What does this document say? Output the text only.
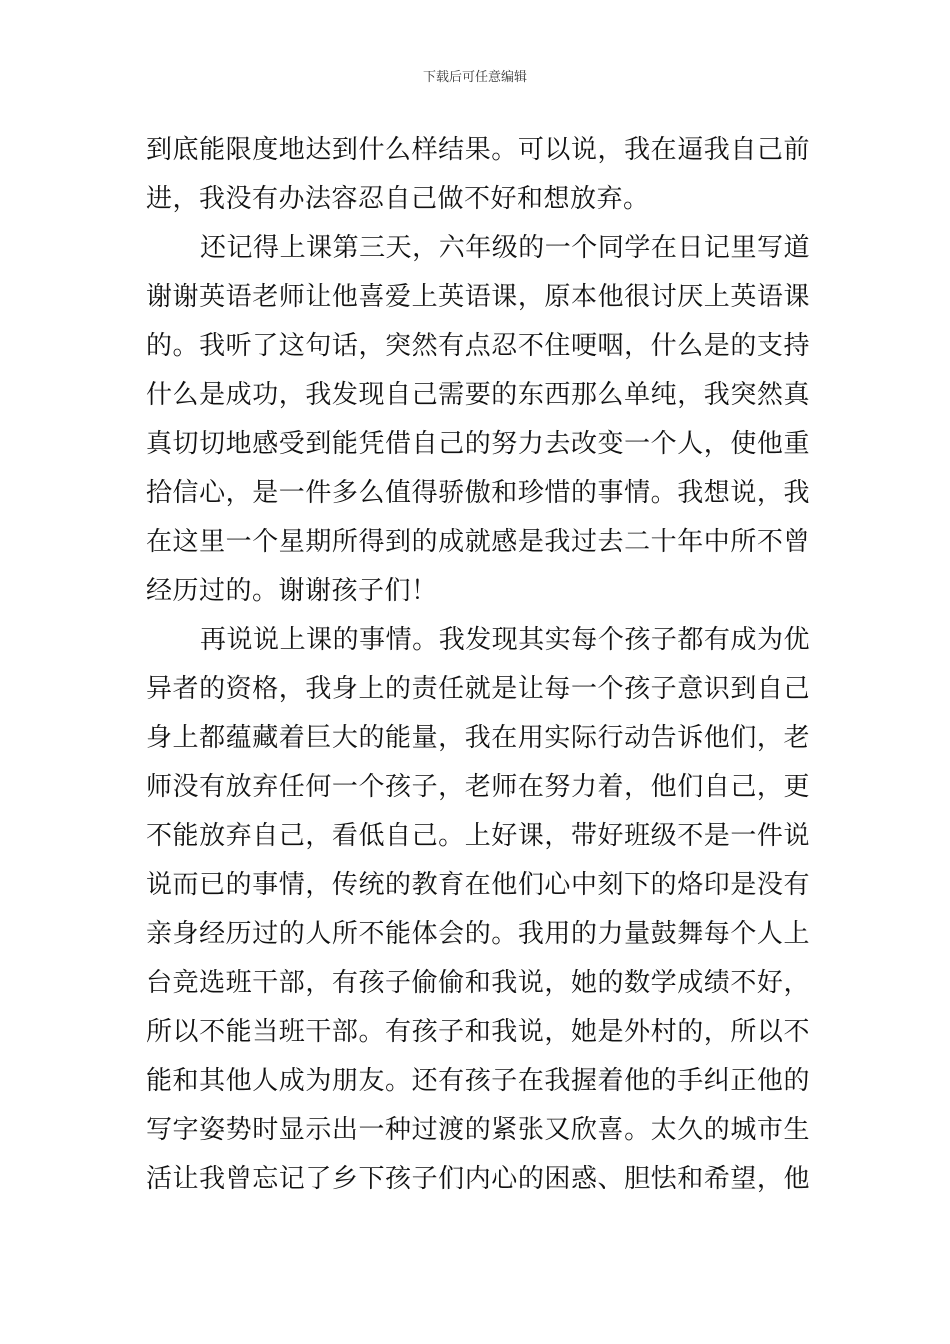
下载后可任意编辑
到底能限度地达到什么样结果。可以说，我在逼我自己前
进，我没有办法容忍自己做不好和想放弃。
还记得上课第三天，六年级的一个同学在日记里写道
谢谢英语老师让他喜爱上英语课，原本他很讨厌上英语课
的。我听了这句话，突然有点忍不住哽咽，什么是的支持
什么是成功，我发现自己需要的东西那么单纯，我突然真
真切切地感受到能凭借自己的努力去改变一个人，使他重
拾信心，是一件多么值得骄傲和珍惜的事情。我想说，我
在这里一个星期所得到的成就感是我过去二十年中所不曾
经历过的。谢谢孩子们！
再说说上课的事情。我发现其实每个孩子都有成为优
异者的资格，我身上的责任就是让每一个孩子意识到自己
身上都蕴藏着巨大的能量，我在用实际行动告诉他们，老
师没有放弃任何一个孩子，老师在努力着，他们自己，更
不能放弃自己，看低自己。上好课，带好班级不是一件说
说而已的事情，传统的教育在他们心中刻下的烙印是没有
亲身经历过的人所不能体会的。我用的力量鼓舞每个人上
台竞选班干部，有孩子偷偷和我说，她的数学成绩不好，
所以不能当班干部。有孩子和我说，她是外村的，所以不
能和其他人成为朋友。还有孩子在我握着他的手纠正他的
写字姿势时显示出一种过渡的紧张又欣喜。太久的城市生
活让我曾忘记了乡下孩子们内心的困惑、胆怯和希望，他
